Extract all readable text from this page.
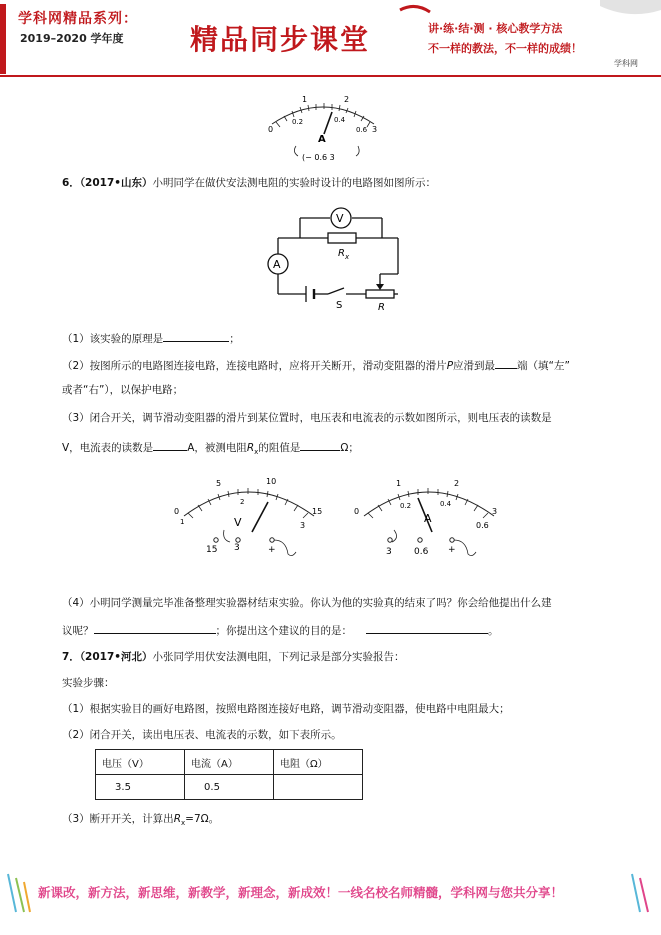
学科网精品系列：
2019–2020 学年度 精品同步课堂	讲·练·结·测 · 核心教学方法
不一样的教法，不一样的成绩！
学科网
0
1	2
3
0.2	0.4
0.6
A
(− 0.6 3
6．（2017•山东）小明同学在做伏安法测电阻的实验时设计的电路图如图所示：
V
A
$R_x$
S	R
（1）该实验的原理是	；
（2）按图所示的电路图连接电路，连接电路时，应将开关断开，滑动变阻器的滑片P应滑到最 端（填“左”
或者“右”），以保护电路；
（3）闭合开关，调节滑动变阻器的滑片到某位置时，电压表和电流表的示数如图所示，则电压表的读数是
V，电流表的读数是	A，被测电阻$R_x$的阻值是	Ω；
0
5	10
15
1
2
3
V
15 3	+
0
1	2
3
0.2	0.4
0.6
A
3 0.6 +
（4）小明同学测量完毕准备整理实验器材结束实验。你认为他的实验真的结束了吗？你会给他提出什么建
议呢？	；你提出这个建议的目的是：	。
7．（2017•河北）小张同学用伏安法测电阻，下列记录是部分实验报告：
实验步骤：
（1）根据实验目的画好电路图，按照电路图连接好电路，调节滑动变阻器，使电路中电阻最大；
（2）闭合开关，读出电压表、电流表的示数，如下表所示。
电压（V）	电流（A）	电阻（Ω）
3.5	0.5	
（3）断开开关，计算出$R_x=7\Omega$。
新课改，新方法，新思维，新教学，新理念，新成效！一线名校名师精髓，学科网与您共分享！
